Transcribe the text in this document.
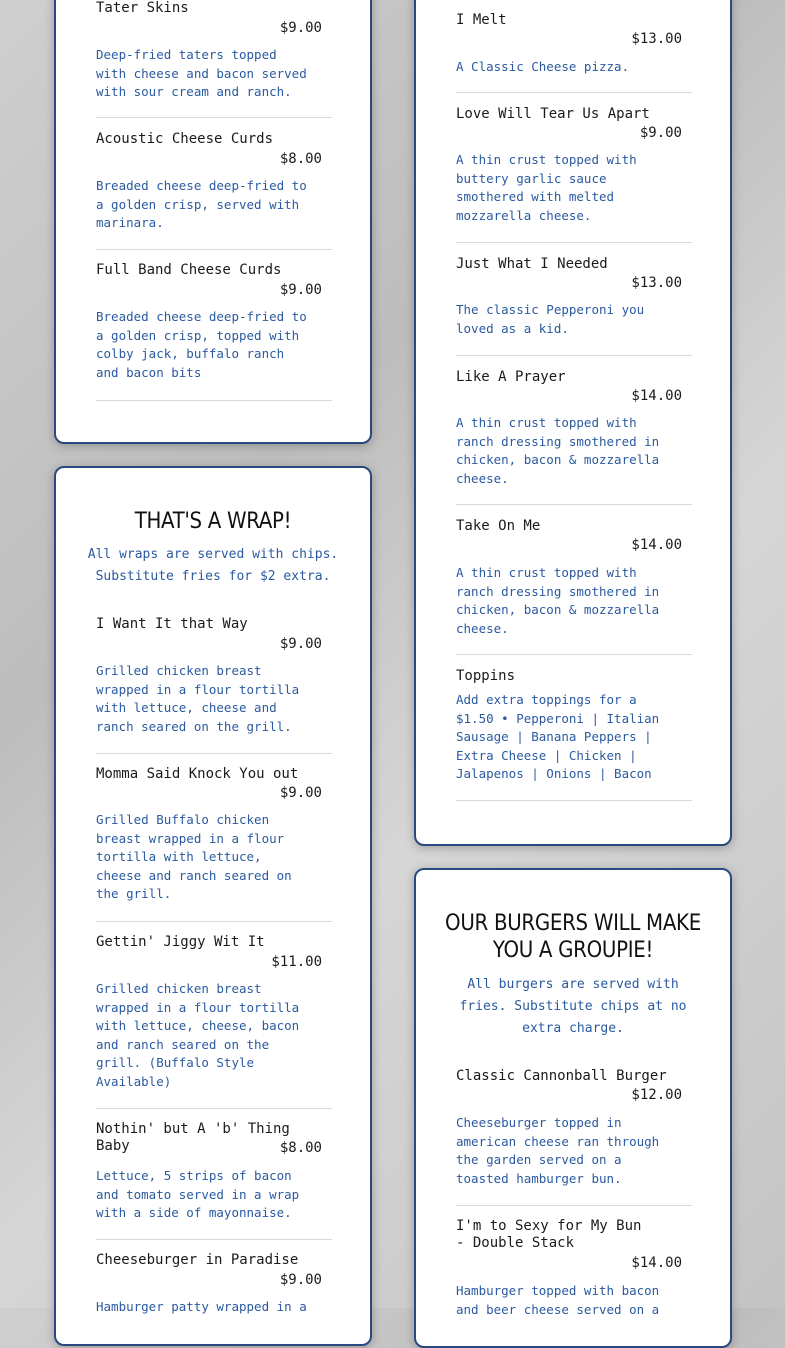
Tater Skins

$9.00

Deep-fried taters topped with cheese and bacon served with sour cream and ranch.

Acoustic Cheese Curds

$8.00

Breaded cheese deep-fried to a golden crisp, served with marinara.

Full Band Cheese Curds

$9.00

Breaded cheese deep-fried to a golden crisp, topped with colby jack, buffalo ranch and bacon bits

THAT'S A WRAP!

All wraps are served with chips. Substitute fries for $2 extra.

I Want It that Way

$9.00

Grilled chicken breast wrapped in a flour tortilla with lettuce, cheese and ranch seared on the grill.

Momma Said Knock You out

$9.00

Grilled Buffalo chicken breast wrapped in a flour tortilla with lettuce, cheese and ranch seared on the grill.

Gettin' Jiggy Wit It

$11.00

Grilled chicken breast wrapped in a flour tortilla with lettuce, cheese, bacon and ranch seared on the grill. (Buffalo Style Available)

Nothin' but A 'b' Thing Baby	$8.00

Lettuce, 5 strips of bacon and tomato served in a wrap with a side of mayonnaise.

Cheeseburger in Paradise

$9.00

Hamburger patty wrapped in a

I Melt

$13.00

A Classic Cheese pizza.

Love Will Tear Us Apart

$9.00

A thin crust topped with buttery garlic sauce smothered with melted mozzarella cheese.

Just What I Needed

$13.00

The classic Pepperoni you loved as a kid.

Like A Prayer

$14.00

A thin crust topped with ranch dressing smothered in chicken, bacon & mozzarella cheese.

Take On Me

$14.00

A thin crust topped with ranch dressing smothered in chicken, bacon & mozzarella cheese.

Toppins

Add extra toppings for a $1.50 • Pepperoni | Italian Sausage | Banana Peppers | Extra Cheese | Chicken | Jalapenos | Onions | Bacon

OUR BURGERS WILL MAKE YOU A GROUPIE!

All burgers are served with fries. Substitute chips at no extra charge.

Classic Cannonball Burger

$12.00

Cheeseburger topped in american cheese ran through the garden served on a toasted hamburger bun.

I'm to Sexy for My Bun - Double Stack

$14.00

Hamburger topped with bacon and beer cheese served on a
